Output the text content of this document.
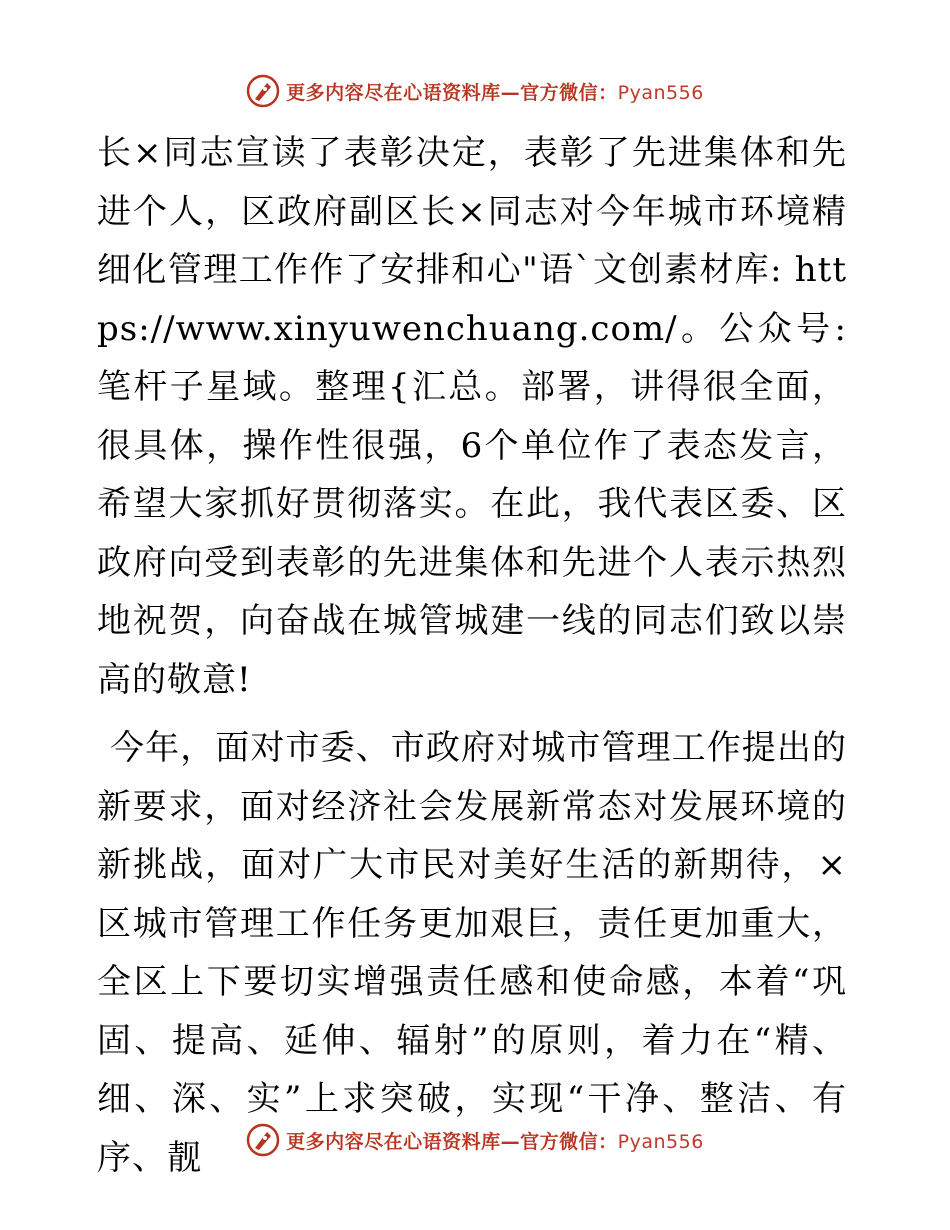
更多内容尽在心语资料库—官方微信：Pyan556

长×同志宣读了表彰决定，表彰了先进集体和先进个人，区政府副区长×同志对今年城市环境精细化管理工作作了安排和心"语`文创素材库: https://www.xinyuwenchuang.com/。公众号: 笔杆子星域。整理{汇总。部署，讲得很全面，很具体，操作性很强，6个单位作了表态发言，希望大家抓好贯彻落实。在此，我代表区委、区政府向受到表彰的先进集体和先进个人表示热烈地祝贺，向奋战在城管城建一线的同志们致以崇高的敬意!

今年，面对市委、市政府对城市管理工作提出的新要求，面对经济社会发展新常态对发展环境的新挑战，面对广大市民对美好生活的新期待，×区城市管理工作任务更加艰巨，责任更加重大，全区上下要切实增强责任感和使命感，本着“巩固、提高、延伸、辐射”的原则，着力在“精、细、深、实”上求突破，实现“干净、整洁、有序、靓	更多内容尽在心语资料库—官方微信：Pyan556
